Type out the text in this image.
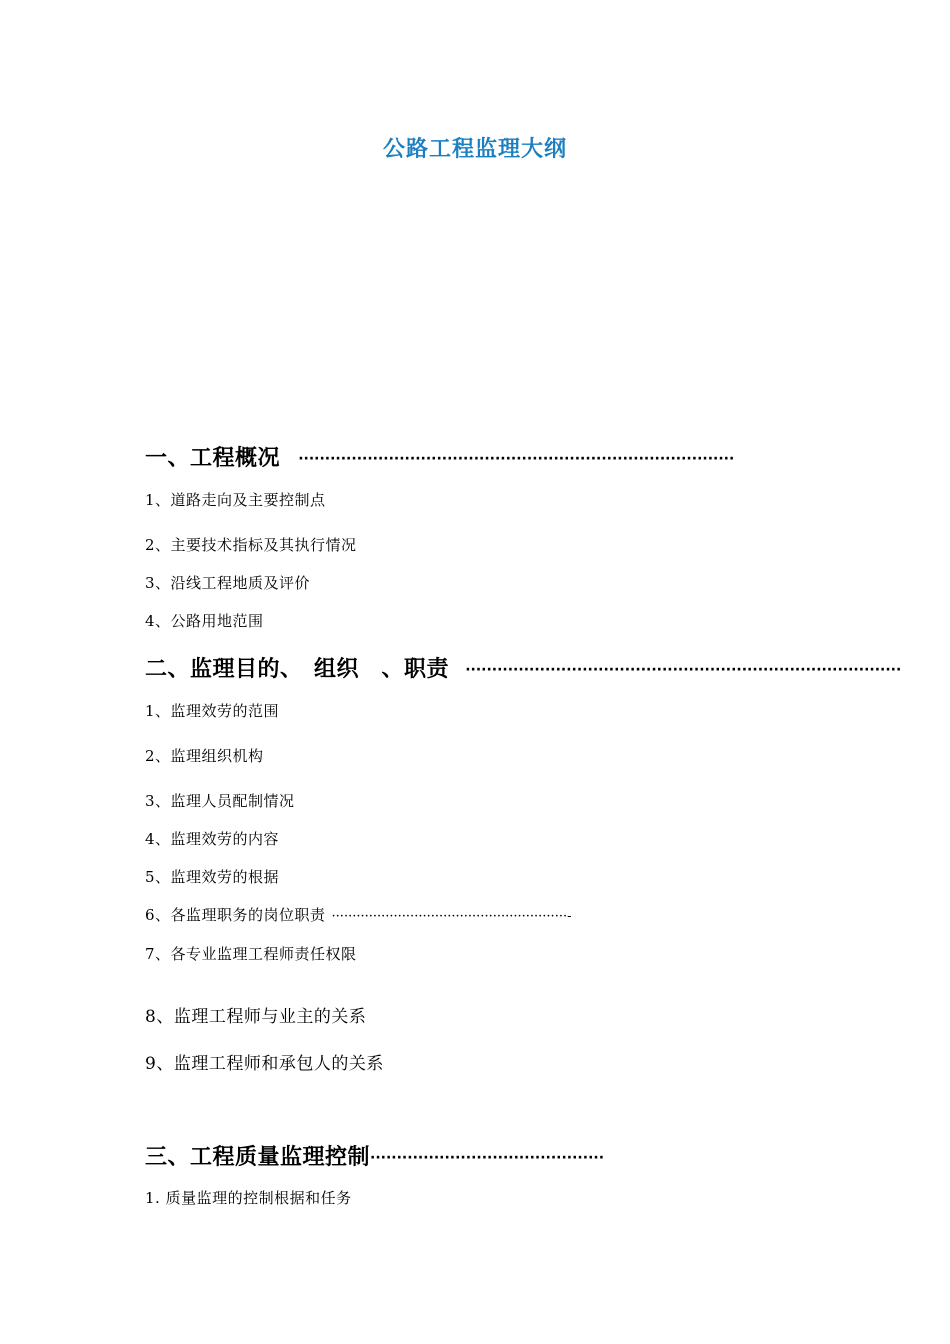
公路工程监理大纲
一、工程概况 ··················································································
1、道路走向及主要控制点
2、主要技术指标及其执行情况
3、沿线工程地质及评价
4、公路用地范围
二、监理目的、　组织　、职责 ··················································································
1、监理效劳的范围
2、监理组织机构
3、监理人员配制情况
4、监理效劳的内容
5、监理效劳的根据
6、各监理职务的岗位职责 ·························································-
7、各专业监理工程师责任权限
8、监理工程师与业主的关系
9、监理工程师和承包人的关系
三、工程质量监理控制············································
1. 质量监理的控制根据和任务
